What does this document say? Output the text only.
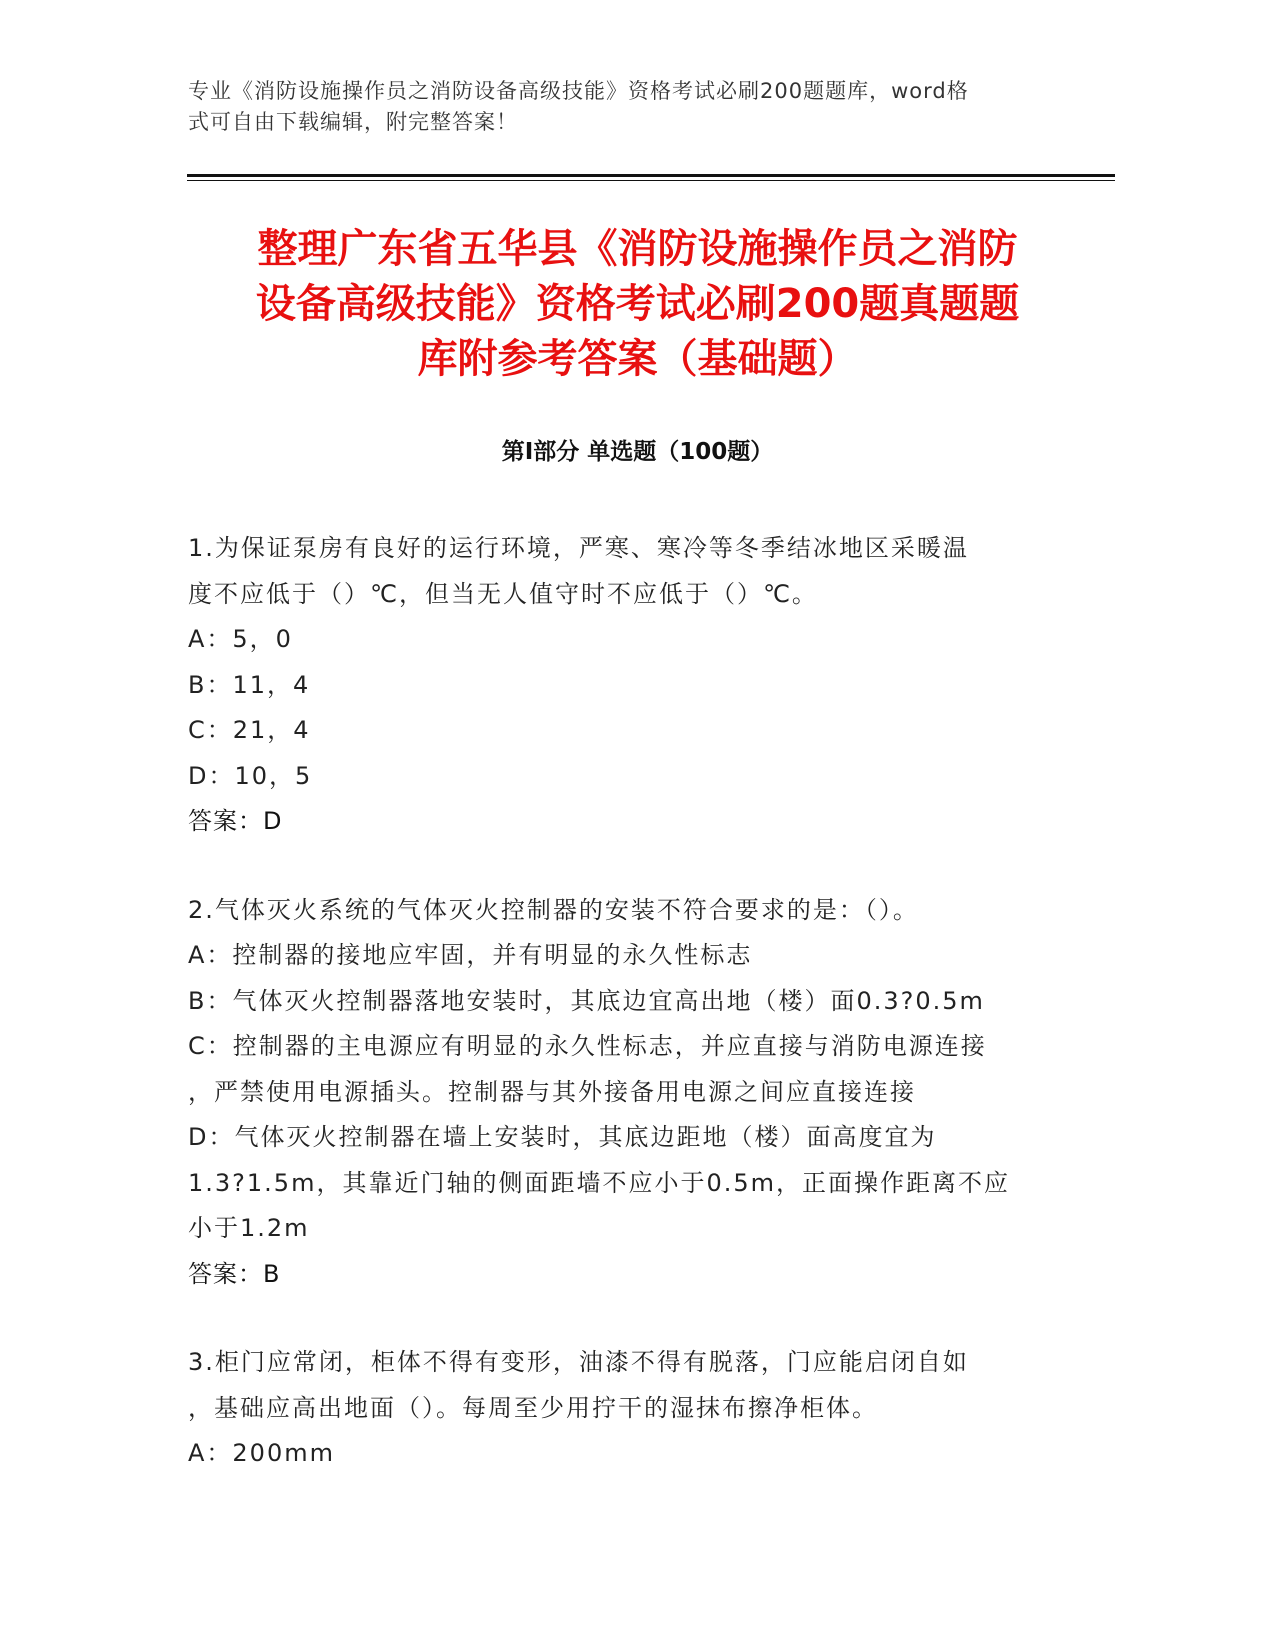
专业《消防设施操作员之消防设备高级技能》资格考试必刷200题题库，word格
式可自由下载编辑，附完整答案！
整理广东省五华县《消防设施操作员之消防
设备高级技能》资格考试必刷200题真题题
库附参考答案（基础题）
第Ⅰ部分 单选题（100题）
1.为保证泵房有良好的运行环境，严寒、寒冷等冬季结冰地区采暖温
度不应低于（）℃，但当无人值守时不应低于（）℃。
A：5，0
B：11，4
C：21，4
D：10，5
答案：D
2.气体灭火系统的气体灭火控制器的安装不符合要求的是：（）。
A：控制器的接地应牢固，并有明显的永久性标志
B：气体灭火控制器落地安装时，其底边宜高出地（楼）面0.3?0.5m
C：控制器的主电源应有明显的永久性标志，并应直接与消防电源连接
，严禁使用电源插头。控制器与其外接备用电源之间应直接连接
D：气体灭火控制器在墙上安装时，其底边距地（楼）面高度宜为
1.3?1.5m，其靠近门轴的侧面距墙不应小于0.5m，正面操作距离不应
小于1.2m
答案：B
3.柜门应常闭，柜体不得有变形，油漆不得有脱落，门应能启闭自如
，基础应高出地面（）。每周至少用拧干的湿抹布擦净柜体。
A：200mm
